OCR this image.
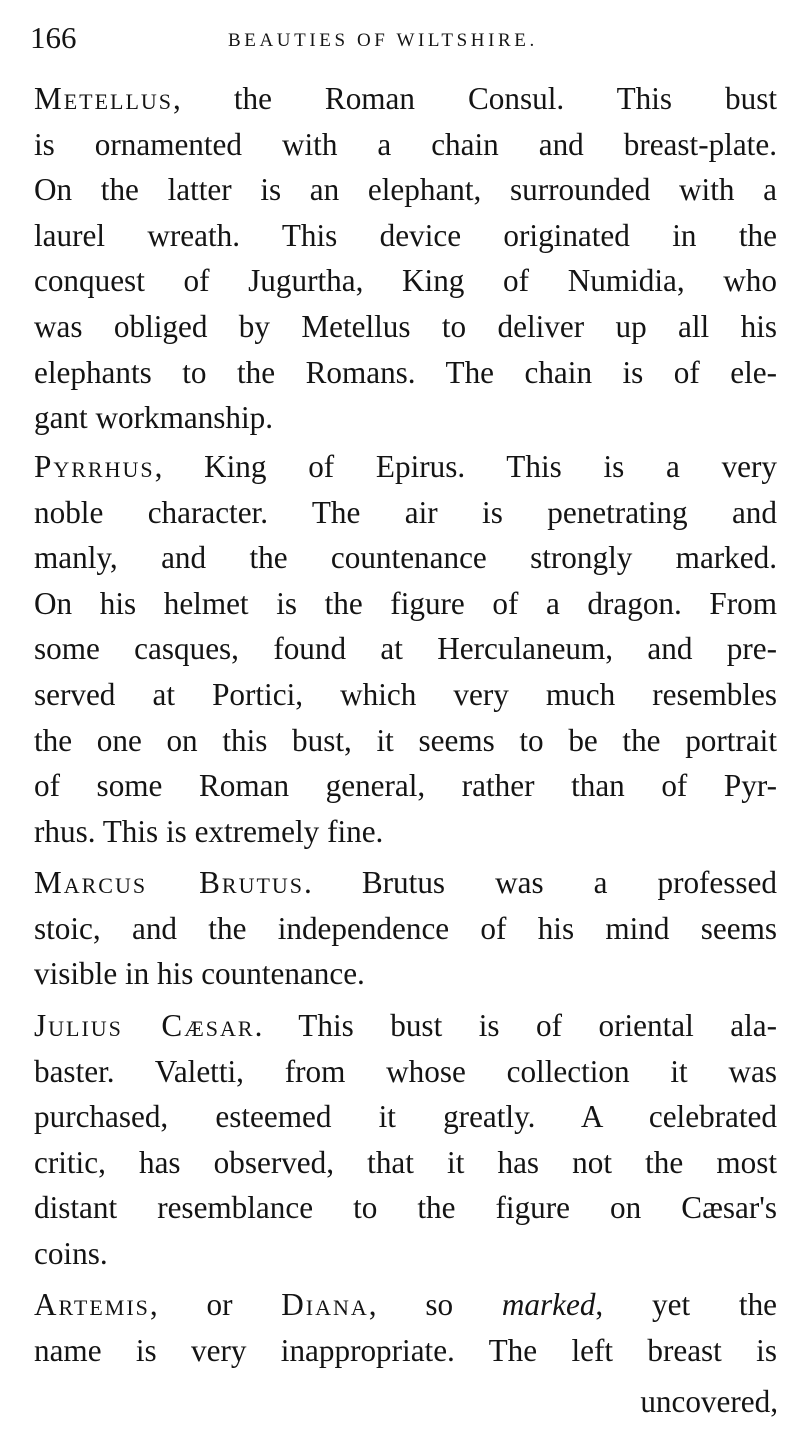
166	BEAUTIES OF WILTSHIRE.
Metellus, the Roman Consul. This bust
is ornamented with a chain and breast-plate.
On the latter is an elephant, surrounded with a
laurel wreath. This device originated in the
conquest of Jugurtha, King of Numidia, who
was obliged by Metellus to deliver up all his
elephants to the Romans. The chain is of ele-
gant workmanship.
Pyrrhus, King of Epirus. This is a very
noble character. The air is penetrating and
manly, and the countenance strongly marked.
On his helmet is the figure of a dragon. From
some casques, found at Herculaneum, and pre-
served at Portici, which very much resembles
the one on this bust, it seems to be the portrait
of some Roman general, rather than of Pyr-
rhus. This is extremely fine.
Marcus Brutus. Brutus was a professed
stoic, and the independence of his mind seems
visible in his countenance.
Julius Cæsar. This bust is of oriental ala-
baster. Valetti, from whose collection it was
purchased, esteemed it greatly. A celebrated
critic, has observed, that it has not the most
distant resemblance to the figure on Cæsar's
coins.
Artemis, or Diana, so marked, yet the
name is very inappropriate. The left breast is
uncovered,
